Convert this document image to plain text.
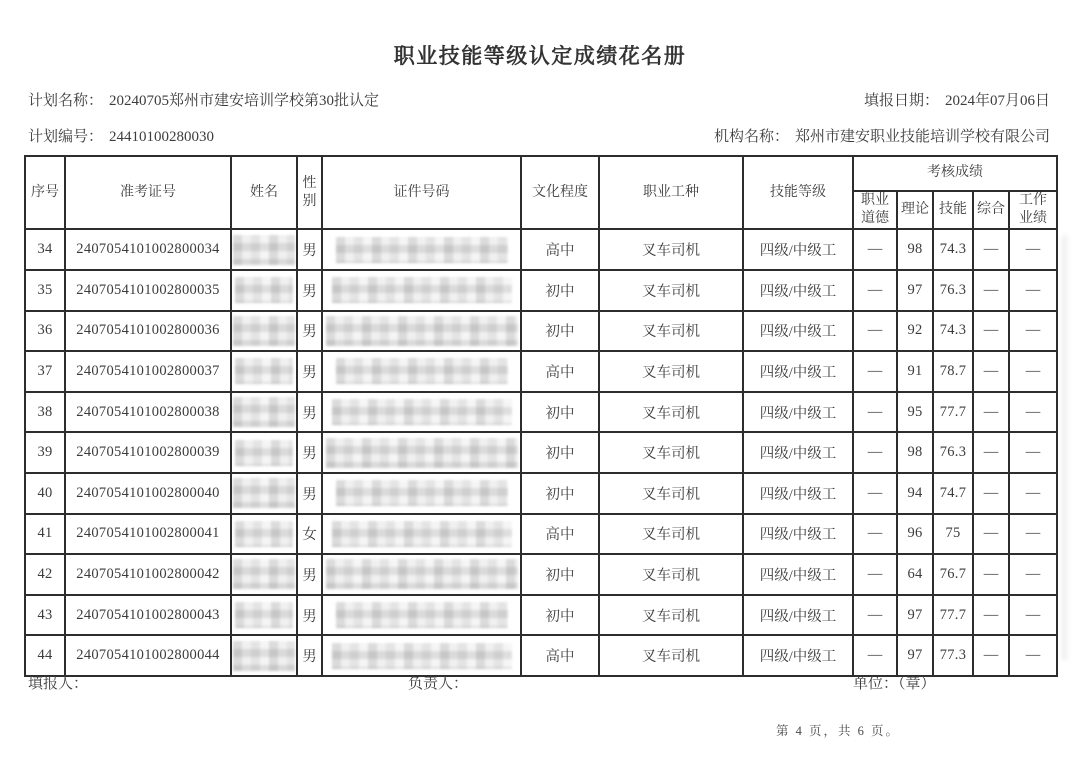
职业技能等级认定成绩花名册
计划名称： 20240705郑州市建安培训学校第30批认定	填报日期： 2024年07月06日
计划编号： 24410100280030	机构名称： 郑州市建安职业技能培训学校有限公司
序号	准考证号	姓名	性别	证件号码	文化程度	职业工种	技能等级	考核成绩				
								职业道德	理论	技能	综合	工作业绩
34	2407054101002800034		男		高中	叉车司机	四级/中级工	—	98	74.3	—	—
35	2407054101002800035		男		初中	叉车司机	四级/中级工	—	97	76.3	—	—
36	2407054101002800036		男		初中	叉车司机	四级/中级工	—	92	74.3	—	—
37	2407054101002800037		男		高中	叉车司机	四级/中级工	—	91	78.7	—	—
38	2407054101002800038		男		初中	叉车司机	四级/中级工	—	95	77.7	—	—
39	2407054101002800039		男		初中	叉车司机	四级/中级工	—	98	76.3	—	—
40	2407054101002800040		男		初中	叉车司机	四级/中级工	—	94	74.7	—	—
41	2407054101002800041		女		高中	叉车司机	四级/中级工	—	96	75	—	—
42	2407054101002800042		男		初中	叉车司机	四级/中级工	—	64	76.7	—	—
43	2407054101002800043		男		初中	叉车司机	四级/中级工	—	97	77.7	—	—
44	2407054101002800044		男		高中	叉车司机	四级/中级工	—	97	77.3	—	—
填报人：	负责人：	单位：（章）
第 4 页，共 6 页。
